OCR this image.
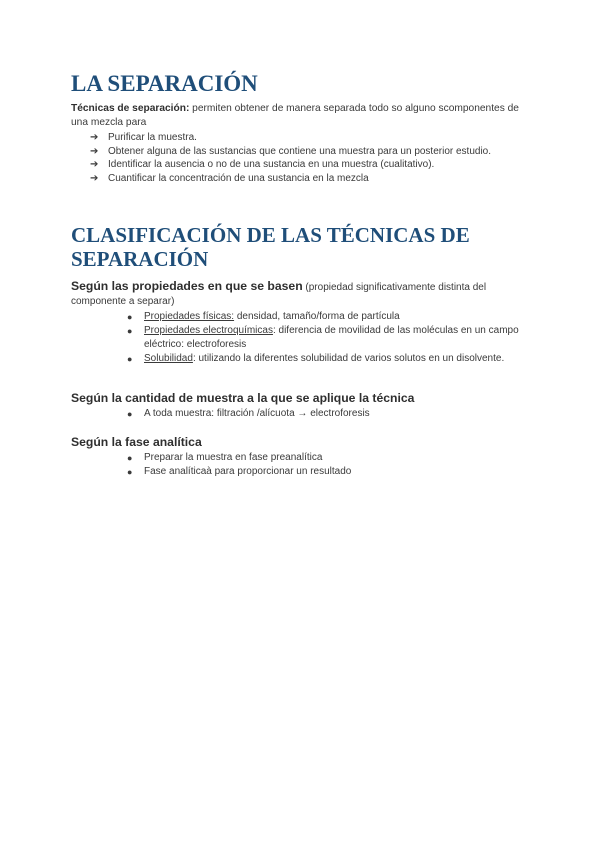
LA SEPARACIÓN

Técnicas de separación: permiten obtener de manera separada todo so alguno scomponentes de
una mezcla para

➔ Purificar la muestra.
➔ Obtener alguna de las sustancias que contiene una muestra para un posterior estudio.
➔ Identificar la ausencia o no de una sustancia en una muestra (cualitativo).
➔ Cuantificar la concentración de una sustancia en la mezcla
CLASIFICACIÓN DE LAS TÉCNICAS DE
SEPARACIÓN

Según las propiedades en que se basen (propiedad significativamente distinta del

componente a separar)

● Propiedades físicas: densidad, tamaño/forma de partícula
● Propiedades electroquímicas: diferencia de movilidad de las moléculas en un campo
eléctrico: electroforesis
● Solubilidad: utilizando la diferentes solubilidad de varios solutos en un disolvente.

Según la cantidad de muestra a la que se aplique la técnica

● A toda muestra: filtración /alícuota → electroforesis

Según la fase analítica

● Preparar la muestra en fase preanalítica
● Fase analíticaà para proporcionar un resultado
